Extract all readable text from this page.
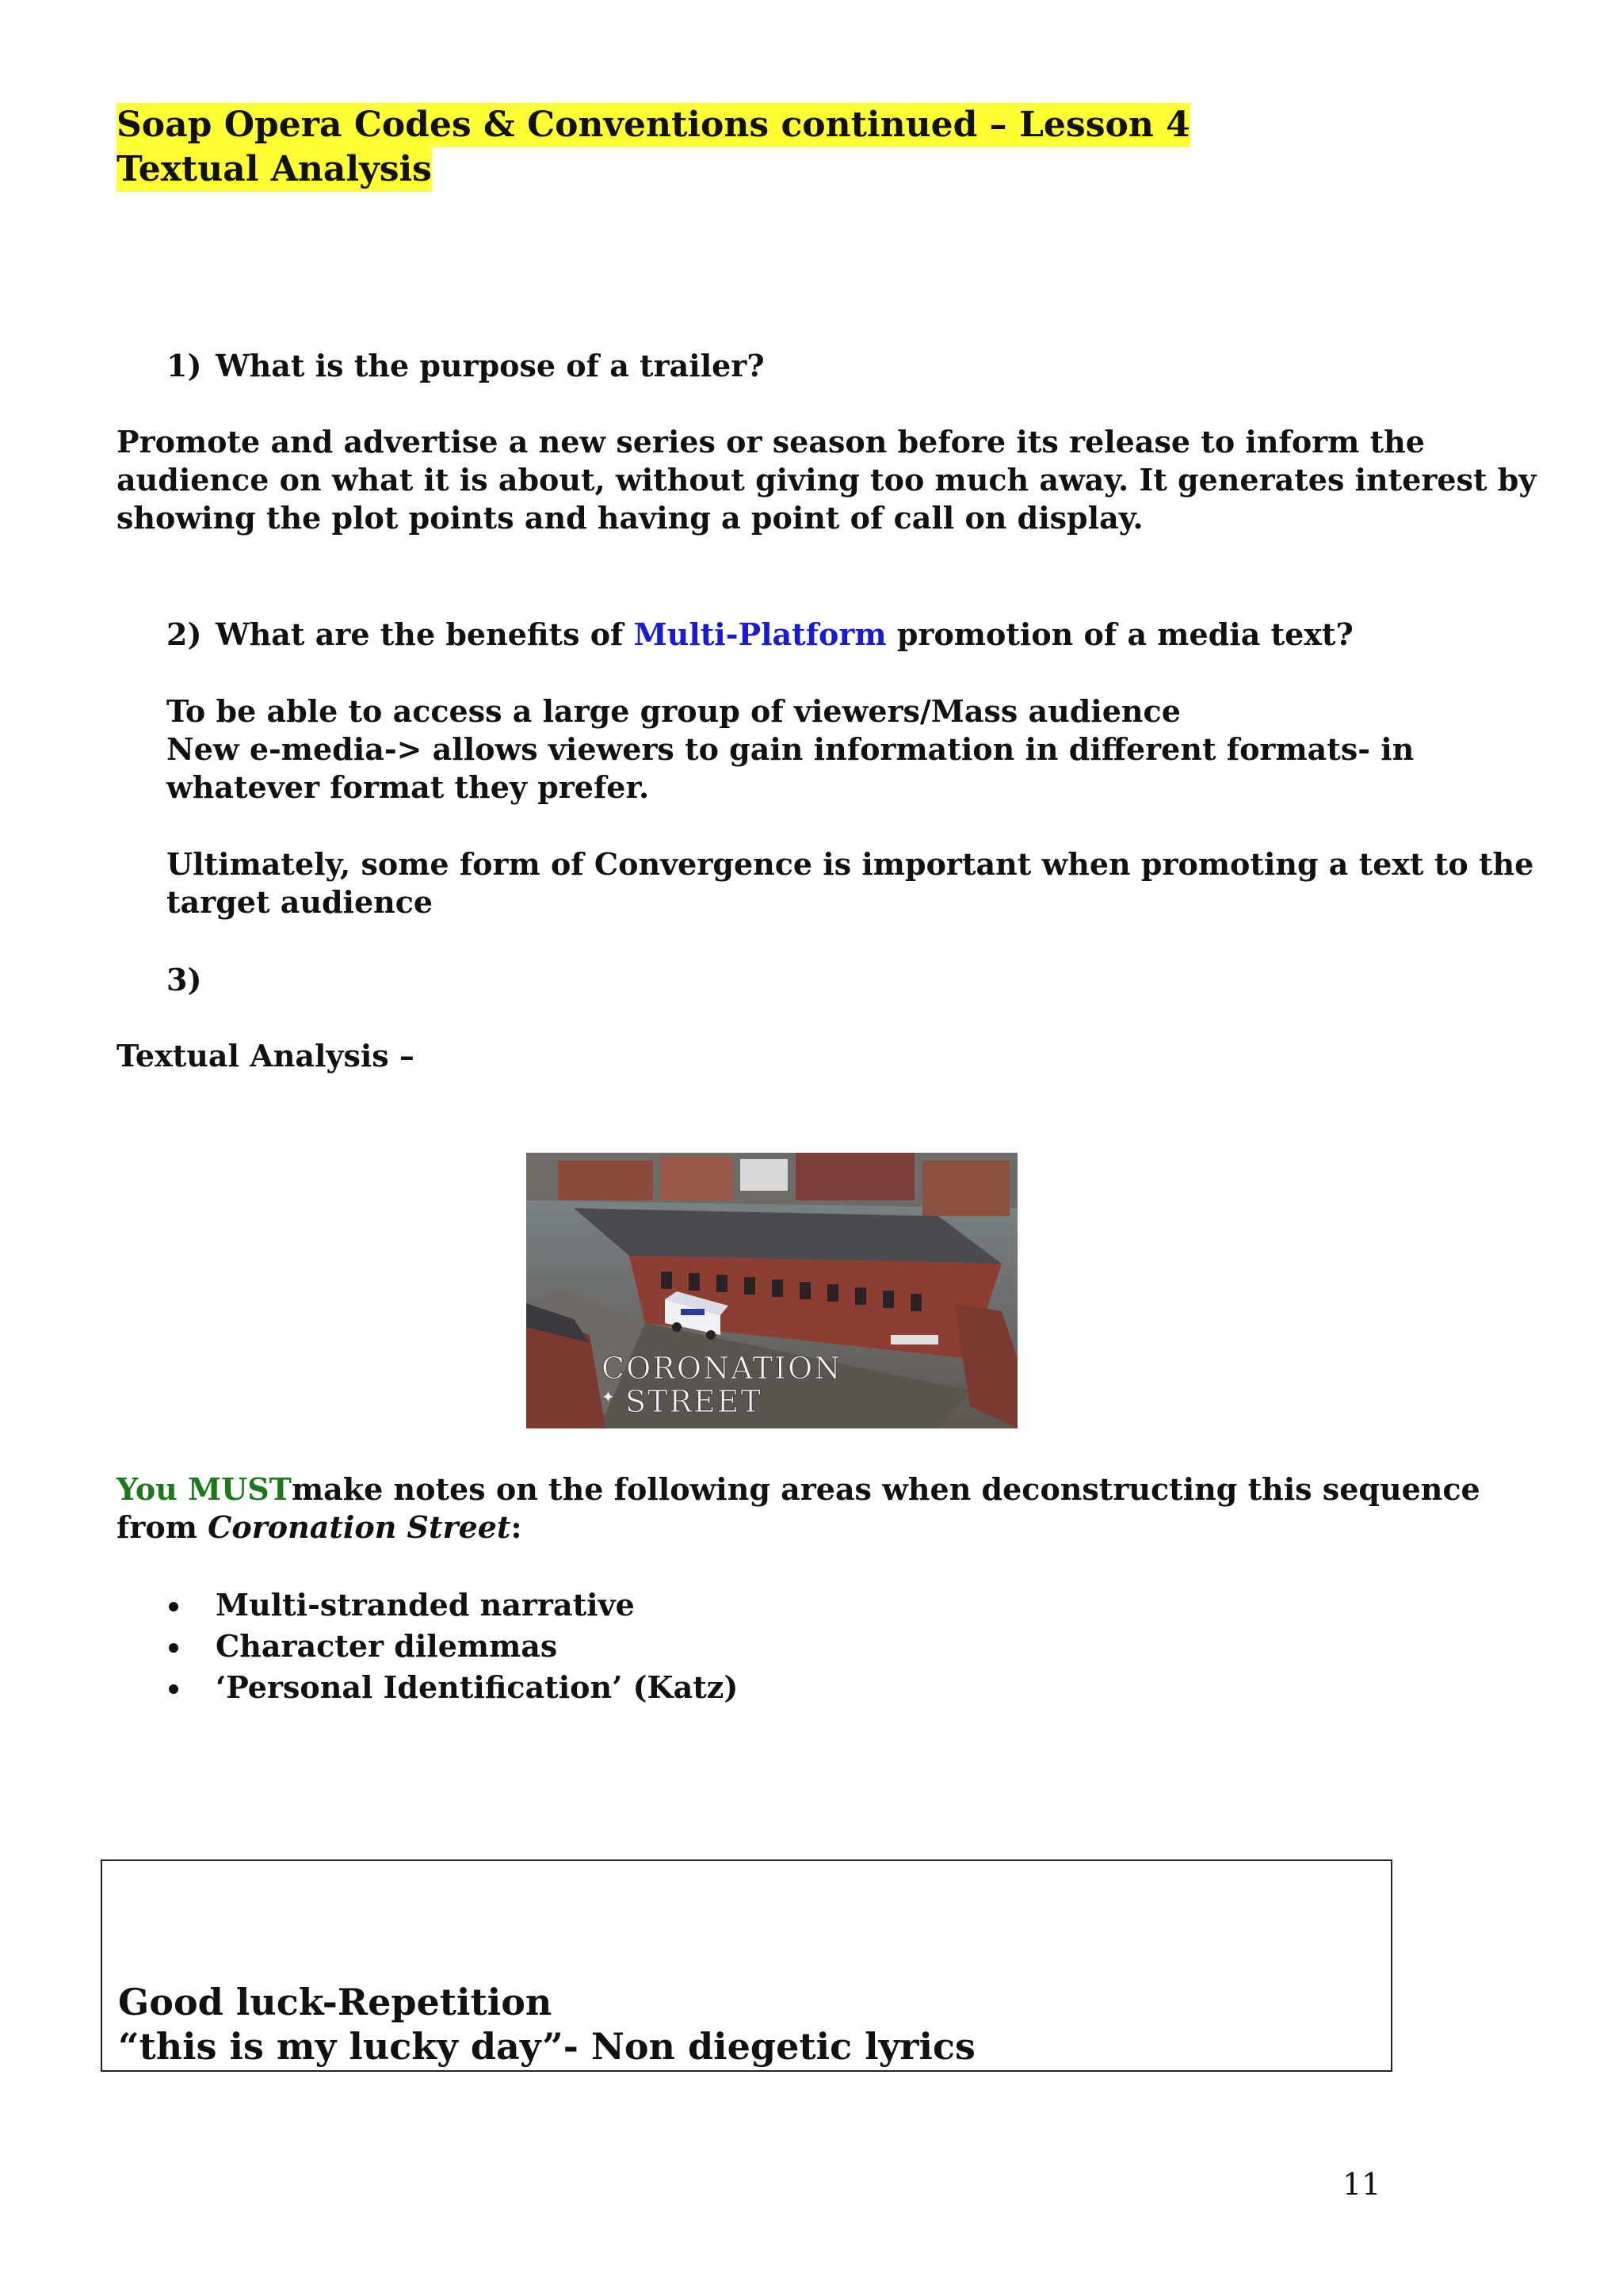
Soap Opera Codes & Conventions continued – Lesson 4
Textual Analysis
1) What is the purpose of a trailer?
Promote and advertise a new series or season before its release to inform the
audience on what it is about, without giving too much away. It generates interest by
showing the plot points and having a point of call on display.
2) What are the benefits of Multi-Platform promotion of a media text?
To be able to access a large group of viewers/Mass audience
New e-media-> allows viewers to gain information in different formats- in
whatever format they prefer.
Ultimately, some form of Convergence is important when promoting a text to the
target audience
3)
Textual Analysis –
CORONATION
STREET
✦
You MUSTmake notes on the following areas when deconstructing this sequence
from Coronation Street:
Multi-stranded narrative
Character dilemmas
‘Personal Identification’ (Katz)
Good luck-Repetition
“this is my lucky day”- Non diegetic lyrics
11
